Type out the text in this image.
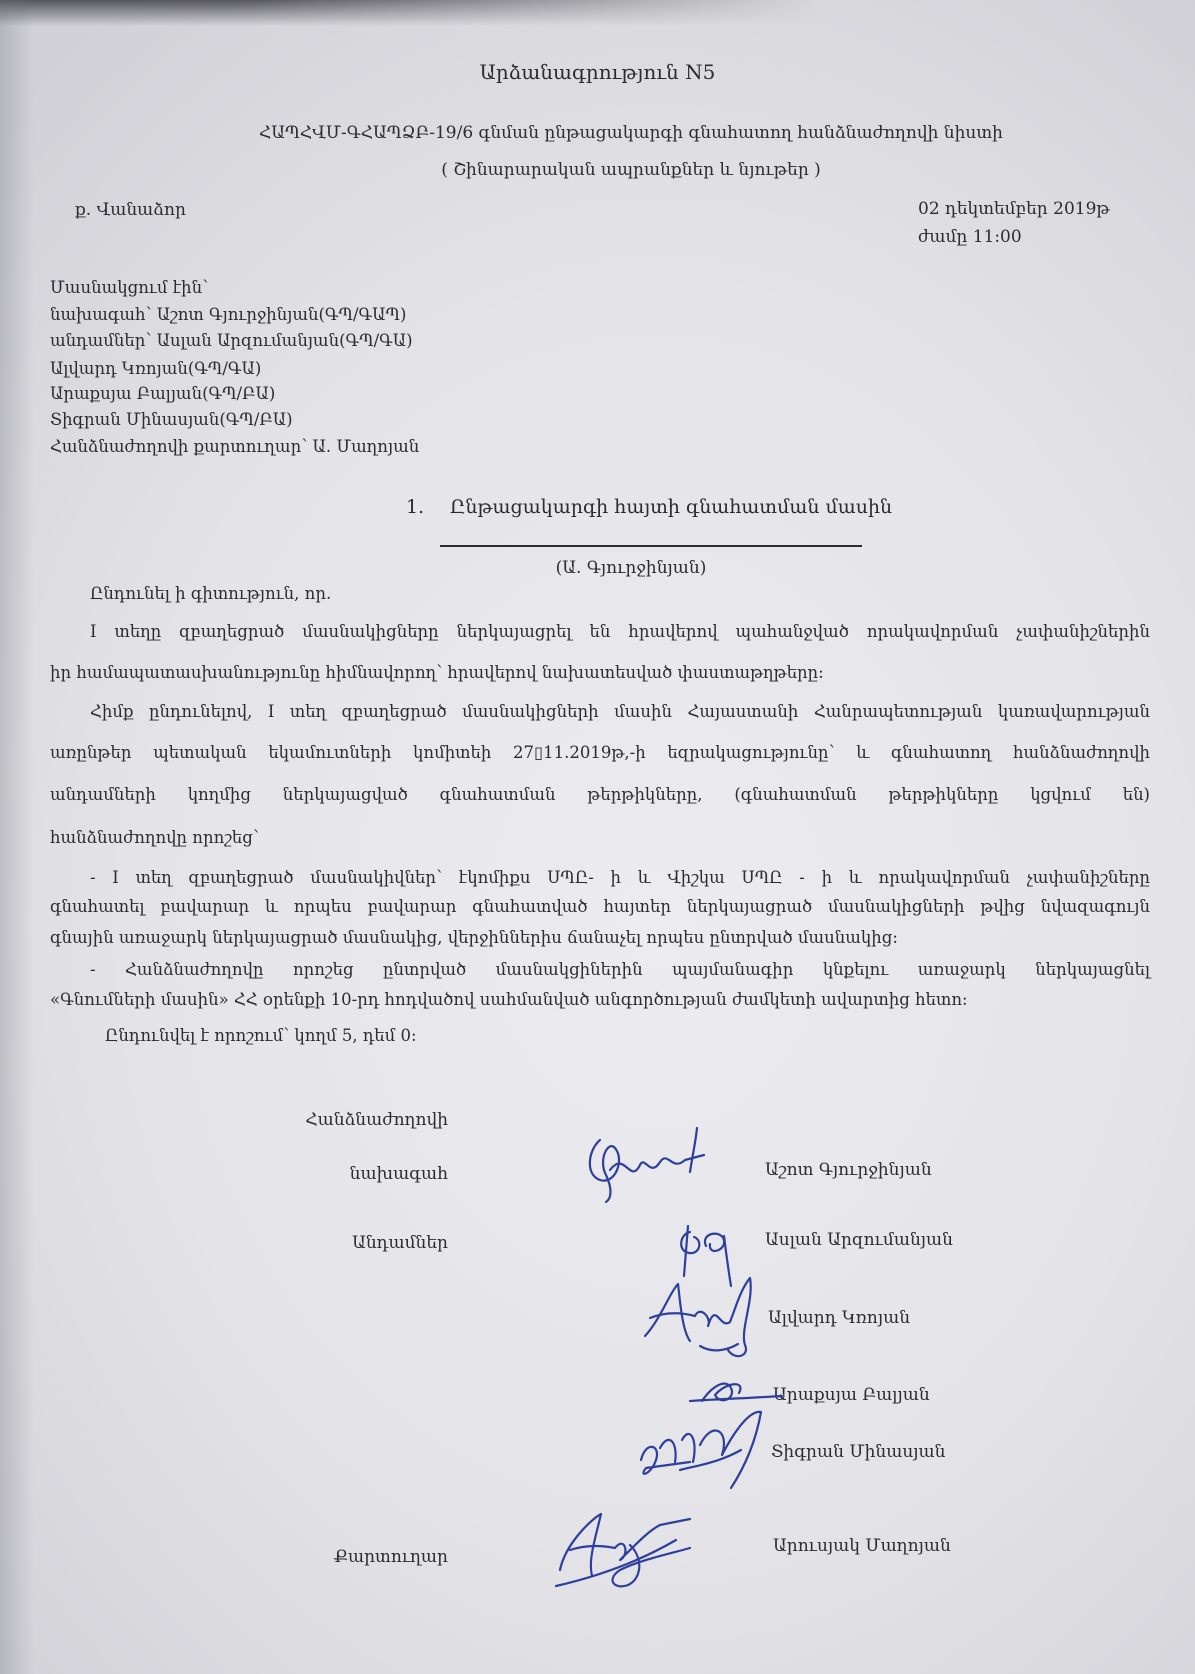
Արձանագրություն N5
ՀԱՊՀՎՄ-ԳՀԱՊՁԲ-19/6 գնման ընթացակարգի գնահատող հանձնաժողովի նիստի
( Շինարարական ապրանքներ և նյութեր )
ք. Վանաձոր	02 դեկտեմբեր 2019թ
ժամը 11:00
Մասնակցում էին՝
նախագահ՝ Աշոտ Գյուրջինյան(ԳՊ/ԳԱՊ)
անդամներ՝ Ասլան Արզումանյան(ԳՊ/ԳԱ)
Ալվարդ Կռոյան(ԳՊ/ԳԱ)
Արաքսյա Բալյան(ԳՊ/ԲԱ)
Տիգրան Մինասյան(ԳՊ/ԲԱ)
Հանձնաժողովի քարտուղար՝ Ա. Մաղոյան
1. Ընթացակարգի հայտի գնահատման մասին
(Ա. Գյուրջինյան)
Ընդունել ի գիտություն, որ.
I տեղը զբաղեցրած մասնակիցները ներկայացրել են հրավերով պահանջված որակավորման չափանիշներին
իր համապատասխանությունը հիմնավորող՝ հրավերով նախատեսված փաստաթղթերը:
Հիմք ընդունելով, I տեղ զբաղեցրած մասնակիցների մասին Հայաստանի Հանրապետության կառավարության
առընթեր պետական եկամուտների կոմիտեի 27▯11.2019թ,-ի եզրակացությունը՝ և գնահատող հանձնաժողովի
անդամների կողմից ներկայացված գնահատման թերթիկները, (գնահատման թերթիկները կցվում են)
հանձնաժողովը որոշեց՝
- I տեղ զբաղեցրած մասնակիվներ՝ էկոմիքս ՍՊԸ- ի և Վիշկա ՍՊԸ - ի և որակավորման չափանիշները
գնահատել բավարար և որպես բավարար գնահատված հայտեր ներկայացրած մասնակիցների թվից նվազագույն
գնային առաջարկ ներկայացրած մասնակից, վերջիններիս ճանաչել որպես ընտրված մասնակից:
- Հանձնաժողովը որոշեց ընտրված մասնակցիներին պայմանագիր կնքելու առաջարկ ներկայացնել
«Գնումների մասին» ՀՀ օրենքի 10-րդ հոդվածով սահմանված անգործության ժամկետի ավարտից հետո:
Ընդունվել է որոշում՝ կողմ 5, դեմ 0:
Հանձնաժողովի
նախագահ
Անդամներ
Քարտուղար
Աշոտ Գյուրջինյան
Ասլան Արզումանյան
Ալվարդ Կռոյան
Արաքսյա Բալյան
Տիգրան Մինասյան
Արուսյակ Մաղոյան
